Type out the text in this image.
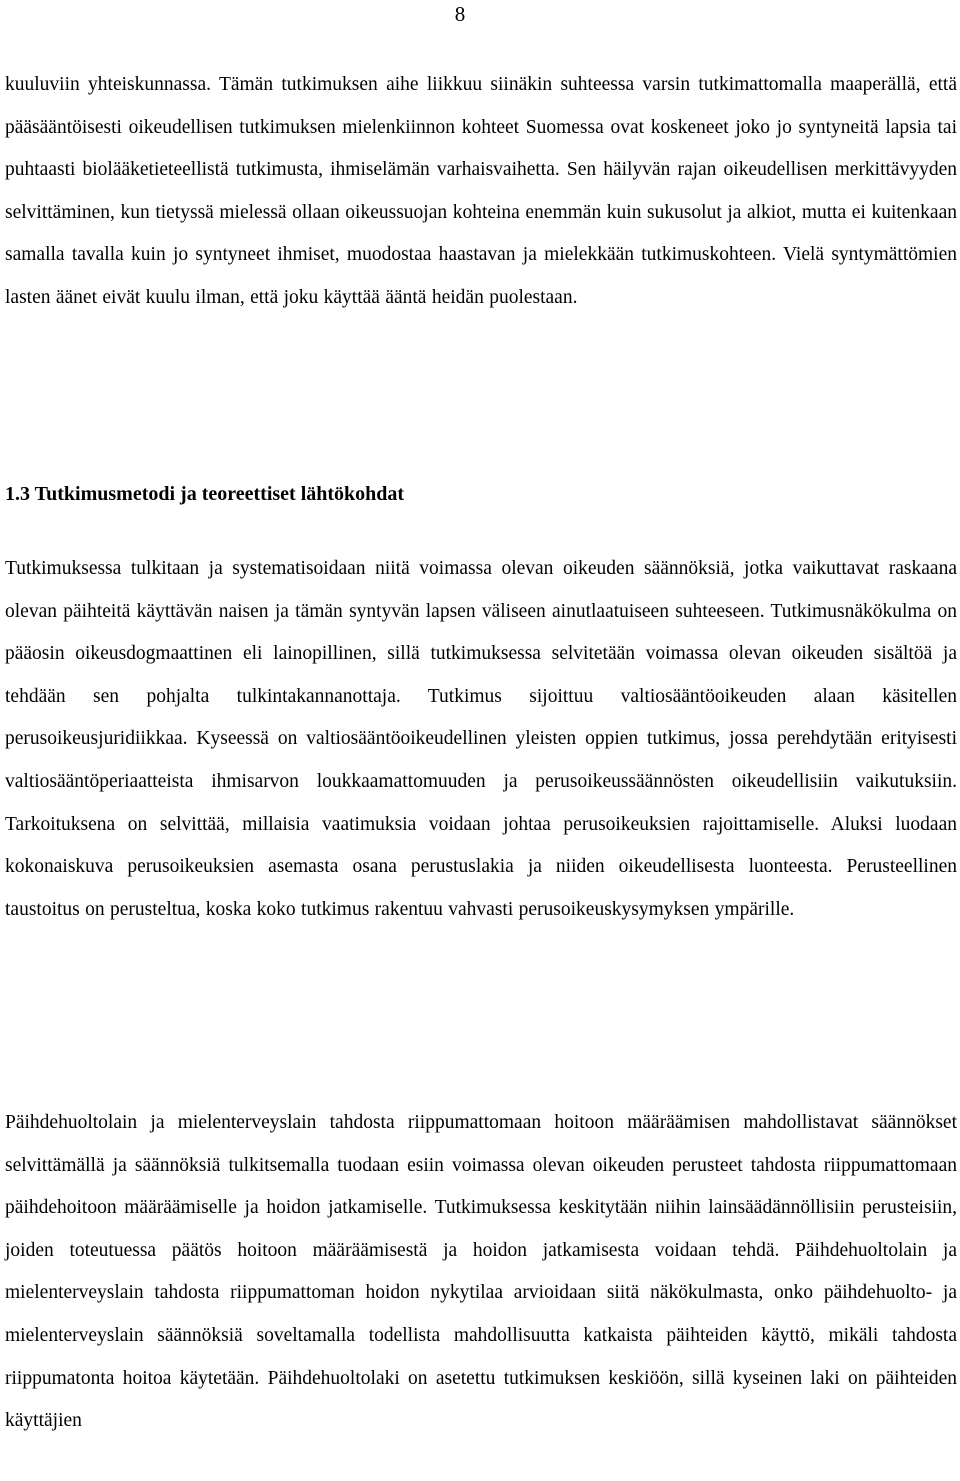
8

kuuluviin yhteiskunnassa. Tämän tutkimuksen aihe liikkuu siinäkin suhteessa varsin tutkimattomalla maaperällä, että pääsääntöisesti oikeudellisen tutkimuksen mielenkiinnon kohteet Suomessa ovat koskeneet joko jo syntyneitä lapsia tai puhtaasti biolääketieteellistä tutkimusta, ihmiselämän varhaisvaihetta. Sen häilyvän rajan oikeudellisen merkittävyyden selvittäminen, kun tietyssä mielessä ollaan oikeussuojan kohteina enemmän kuin sukusolut ja alkiot, mutta ei kuitenkaan samalla tavalla kuin jo syntyneet ihmiset, muodostaa haastavan ja mielekkään tutkimuskohteen. Vielä syntymättömien lasten äänet eivät kuulu ilman, että joku käyttää ääntä heidän puolestaan.

1.3 Tutkimusmetodi ja teoreettiset lähtökohdat

Tutkimuksessa tulkitaan ja systematisoidaan niitä voimassa olevan oikeuden säännöksiä, jotka vaikuttavat raskaana olevan päihteitä käyttävän naisen ja tämän syntyvän lapsen väliseen ainutlaatuiseen suhteeseen. Tutkimusnäkökulma on pääosin oikeusdogmaattinen eli lainopillinen, sillä tutkimuksessa selvitetään voimassa olevan oikeuden sisältöä ja tehdään sen pohjalta tulkintakannanottaja. Tutkimus sijoittuu valtiosääntöoikeuden alaan käsitellen perusoikeusjuridiikkaa. Kyseessä on valtiosääntöoikeudellinen yleisten oppien tutkimus, jossa perehdytään erityisesti valtiosääntöperiaatteista ihmisarvon loukkaamattomuuden ja perusoikeussäännösten oikeudellisiin vaikutuksiin. Tarkoituksena on selvittää, millaisia vaatimuksia voidaan johtaa perusoikeuksien rajoittamiselle. Aluksi luodaan kokonaiskuva perusoikeuksien asemasta osana perustuslakia ja niiden oikeudellisesta luonteesta. Perusteellinen taustoitus on perusteltua, koska koko tutkimus rakentuu vahvasti perusoikeuskysymyksen ympärille.

Päihdehuoltolain ja mielenterveyslain tahdosta riippumattomaan hoitoon määräämisen mahdollistavat säännökset selvittämällä ja säännöksiä tulkitsemalla tuodaan esiin voimassa olevan oikeuden perusteet tahdosta riippumattomaan päihdehoitoon määräämiselle ja hoidon jatkamiselle. Tutkimuksessa keskitytään niihin lainsäädännöllisiin perusteisiin, joiden toteutuessa päätös hoitoon määräämisestä ja hoidon jatkamisesta voidaan tehdä. Päihdehuoltolain ja mielenterveyslain tahdosta riippumattoman hoidon nykytilaa arvioidaan siitä näkökulmasta, onko päihdehuolto- ja mielenterveyslain säännöksiä soveltamalla todellista mahdollisuutta katkaista päihteiden käyttö, mikäli tahdosta riippumatonta hoitoa käytetään. Päihdehuoltolaki on asetettu tutkimuksen keskiöön, sillä kyseinen laki on päihteiden käyttäjien
